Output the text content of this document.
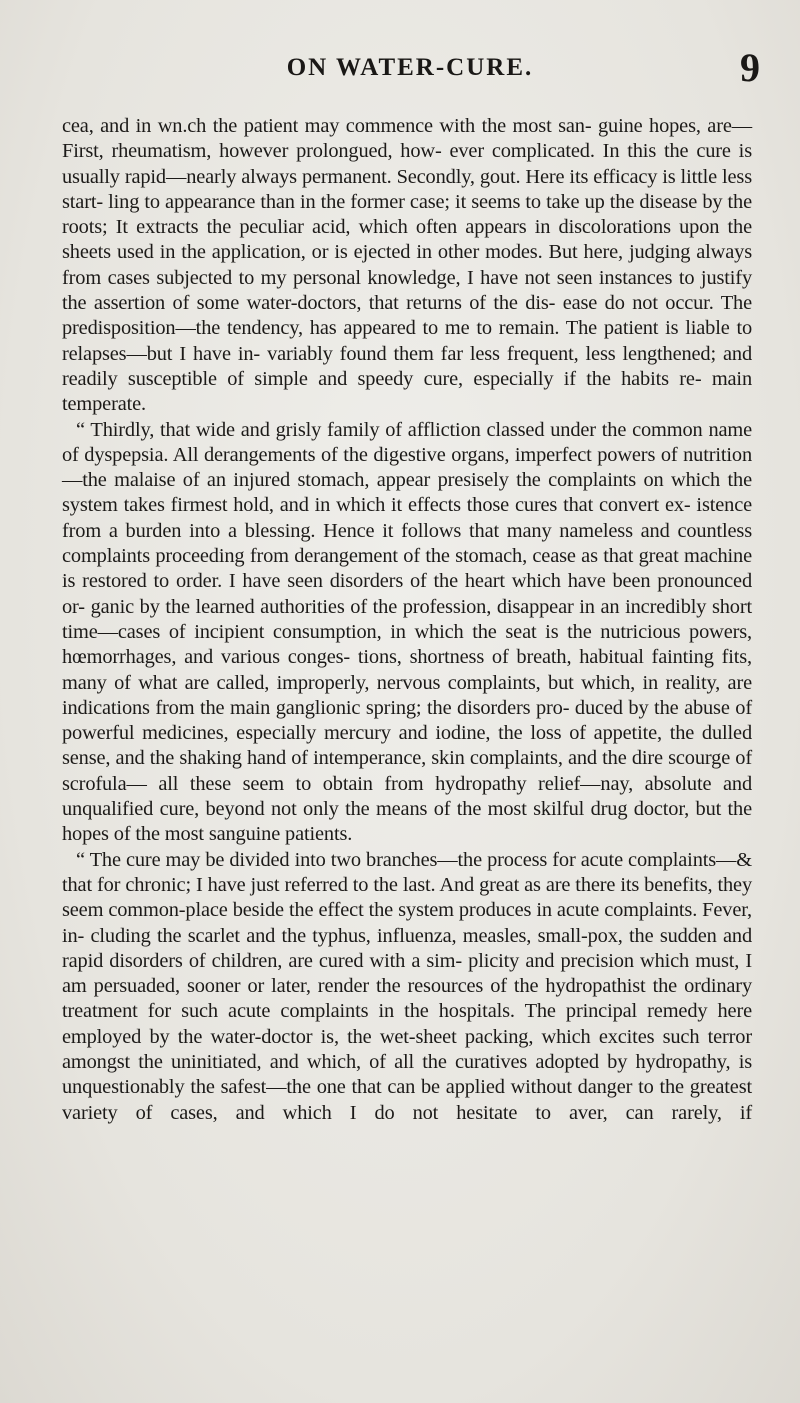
ON WATER-CURE.	9

cea, and in wn.ch the patient may commence with the most san- guine hopes, are—First, rheumatism, however prolongued, how- ever complicated. In this the cure is usually rapid—nearly always permanent. Secondly, gout. Here its efficacy is little less start- ling to appearance than in the former case; it seems to take up the disease by the roots; It extracts the peculiar acid, which often appears in discolorations upon the sheets used in the application, or is ejected in other modes. But here, judging always from cases subjected to my personal knowledge, I have not seen instances to justify the assertion of some water-doctors, that returns of the dis- ease do not occur. The predisposition—the tendency, has appeared to me to remain. The patient is liable to relapses—but I have in- variably found them far less frequent, less lengthened; and readily susceptible of simple and speedy cure, especially if the habits re- main temperate.

“ Thirdly, that wide and grisly family of affliction classed under the common name of dyspepsia. All derangements of the digestive organs, imperfect powers of nutrition—the malaise of an injured stomach, appear presisely the complaints on which the system takes firmest hold, and in which it effects those cures that convert ex- istence from a burden into a blessing. Hence it follows that many nameless and countless complaints proceeding from derangement of the stomach, cease as that great machine is restored to order. I have seen disorders of the heart which have been pronounced or- ganic by the learned authorities of the profession, disappear in an incredibly short time—cases of incipient consumption, in which the seat is the nutricious powers, hœmorrhages, and various conges- tions, shortness of breath, habitual fainting fits, many of what are called, improperly, nervous complaints, but which, in reality, are indications from the main ganglionic spring; the disorders pro- duced by the abuse of powerful medicines, especially mercury and iodine, the loss of appetite, the dulled sense, and the shaking hand of intemperance, skin complaints, and the dire scourge of scrofula— all these seem to obtain from hydropathy relief—nay, absolute and unqualified cure, beyond not only the means of the most skilful drug doctor, but the hopes of the most sanguine patients.

“ The cure may be divided into two branches—the process for acute complaints—& that for chronic; I have just referred to the last. And great as are there its benefits, they seem common-place beside the effect the system produces in acute complaints. Fever, in- cluding the scarlet and the typhus, influenza, measles, small-pox, the sudden and rapid disorders of children, are cured with a sim- plicity and precision which must, I am persuaded, sooner or later, render the resources of the hydropathist the ordinary treatment for such acute complaints in the hospitals. The principal remedy here employed by the water-doctor is, the wet-sheet packing, which excites such terror amongst the uninitiated, and which, of all the curatives adopted by hydropathy, is unquestionably the safest—the one that can be applied without danger to the greatest variety of cases, and which I do not hesitate to aver, can rarely, if
